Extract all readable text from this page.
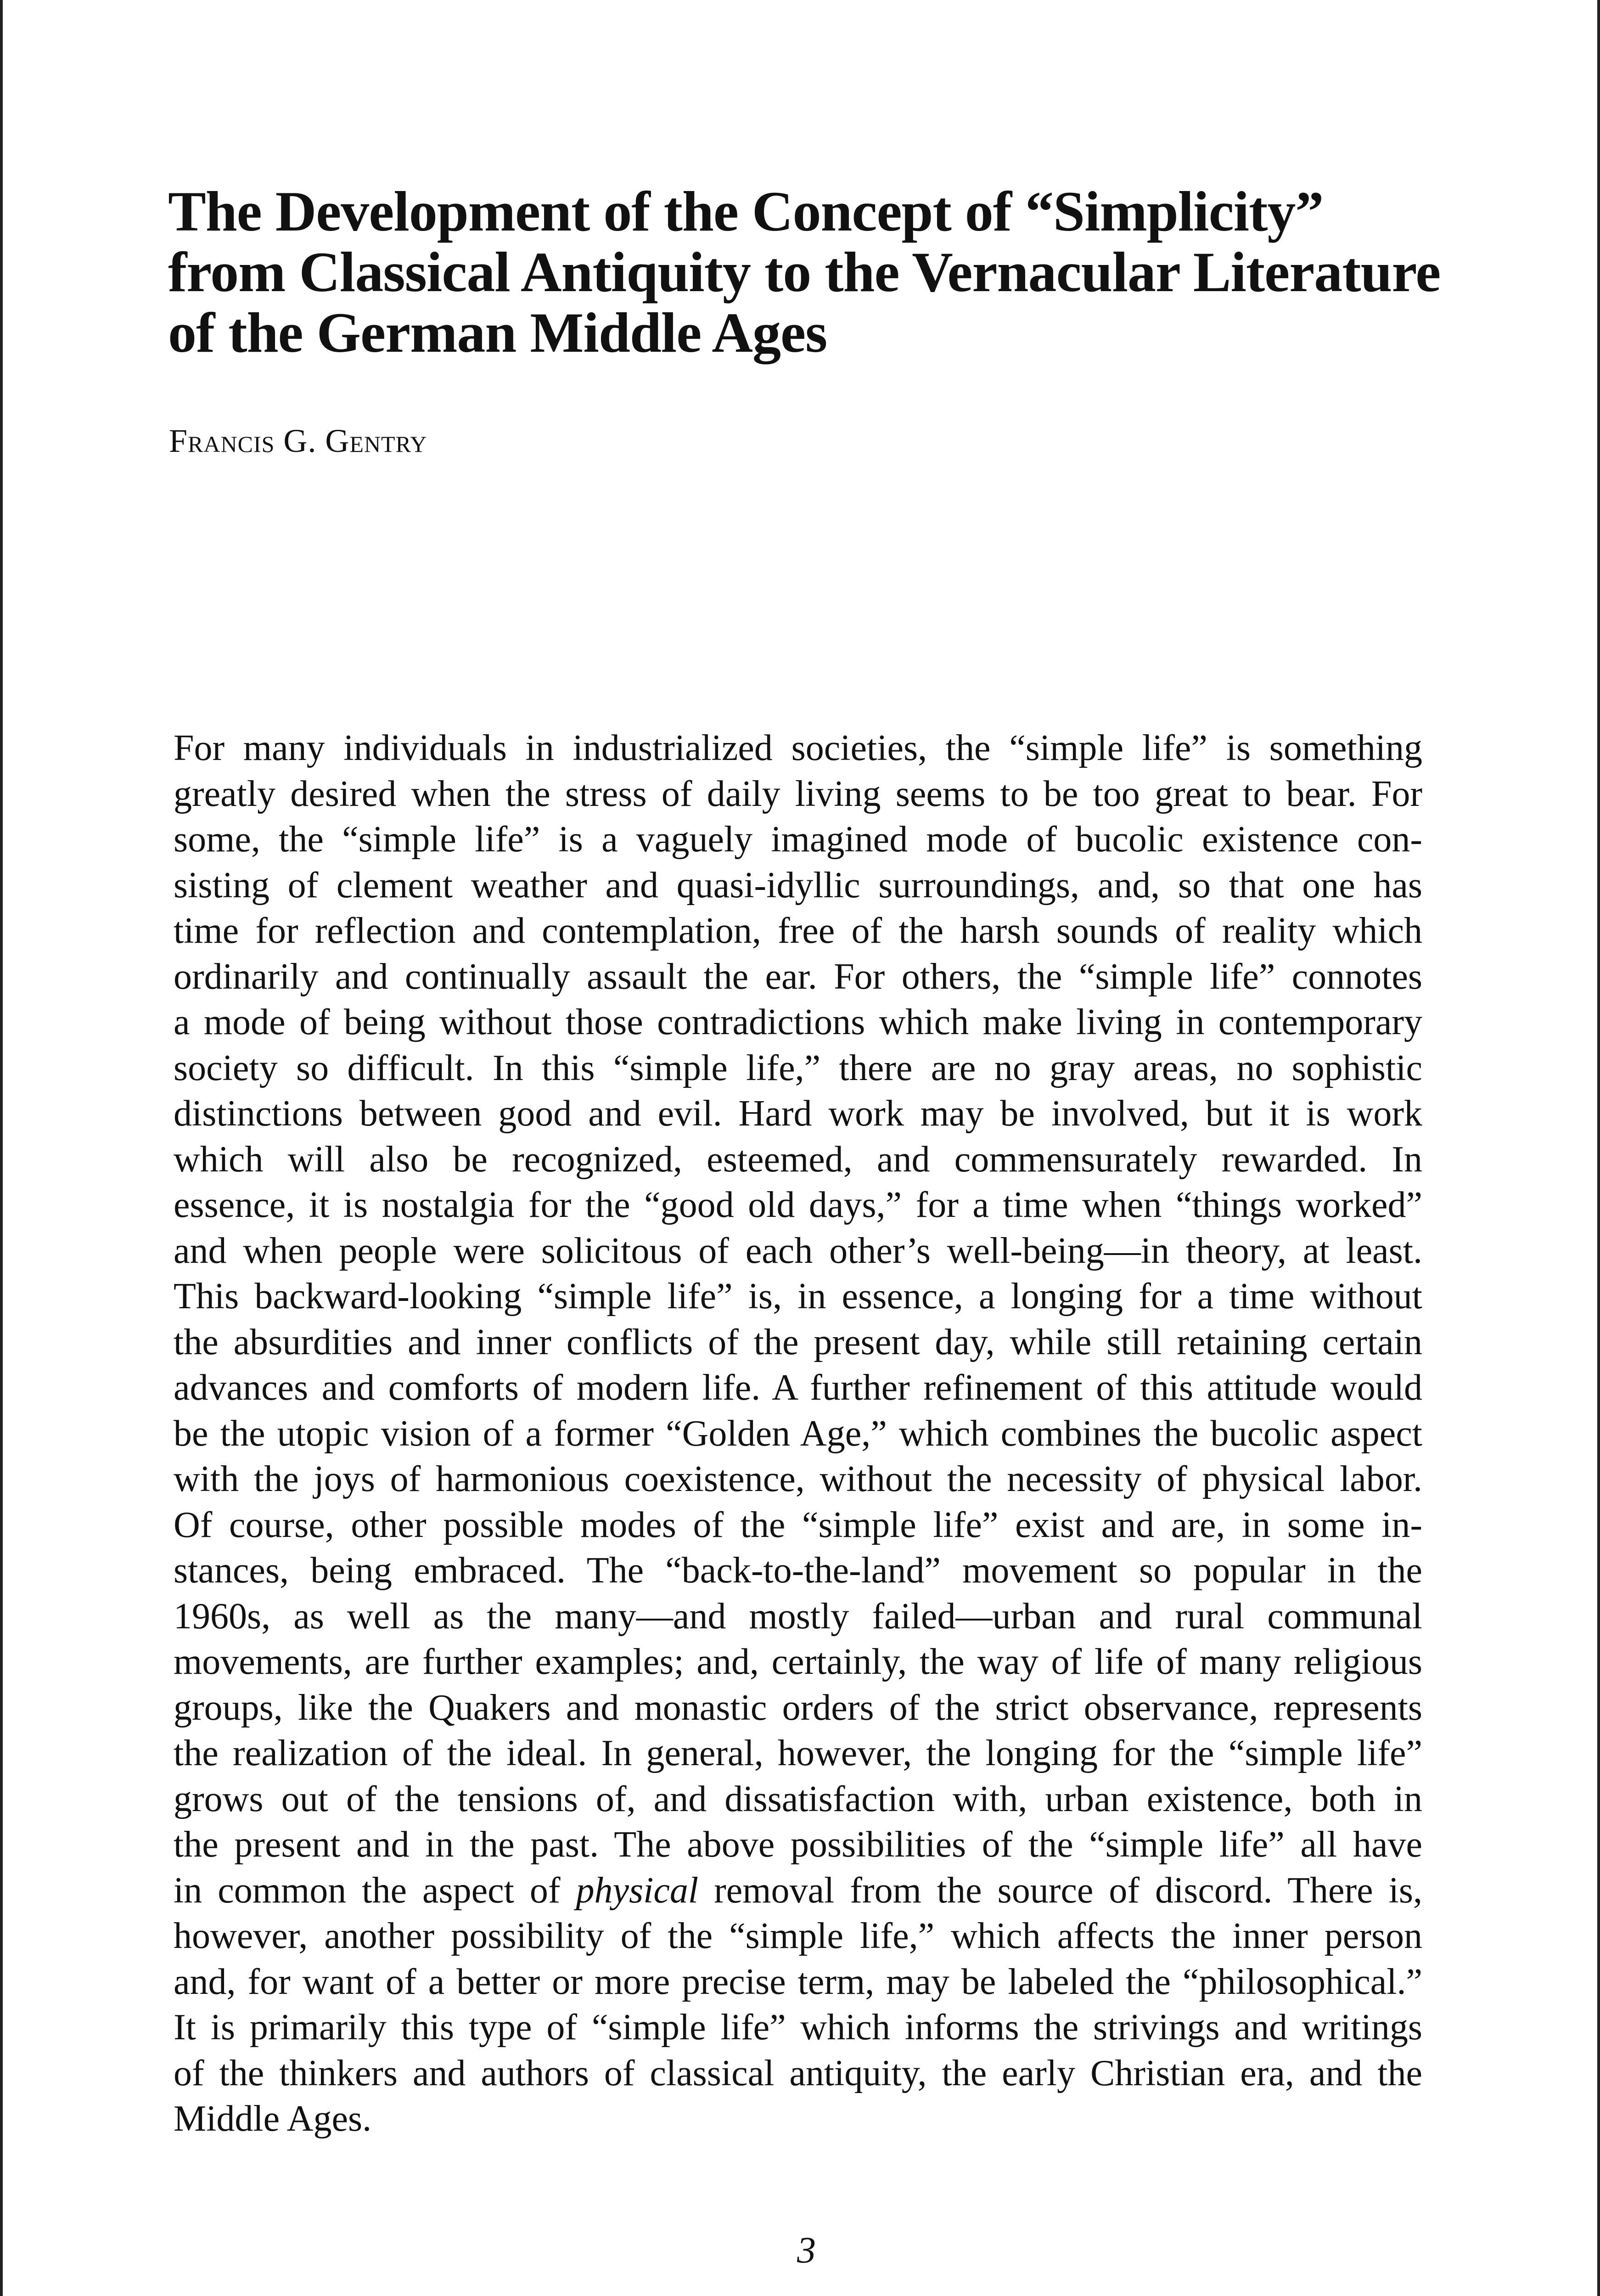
The Development of the Concept of “Simplicity”
from Classical Antiquity to the Vernacular Literature
of the German Middle Ages

Francis G. Gentry

For many individuals in industrialized societies, the “simple life” is something
greatly desired when the stress of daily living seems to be too great to bear. For
some, the “simple life” is a vaguely imagined mode of bucolic existence con-
sisting of clement weather and quasi-idyllic surroundings, and, so that one has
time for reflection and contemplation, free of the harsh sounds of reality which
ordinarily and continually assault the ear. For others, the “simple life” connotes
a mode of being without those contradictions which make living in contemporary
society so difficult. In this “simple life,” there are no gray areas, no sophistic
distinctions between good and evil. Hard work may be involved, but it is work
which will also be recognized, esteemed, and commensurately rewarded. In
essence, it is nostalgia for the “good old days,” for a time when “things worked”
and when people were solicitous of each other’s well-being—in theory, at least.
This backward-looking “simple life” is, in essence, a longing for a time without
the absurdities and inner conflicts of the present day, while still retaining certain
advances and comforts of modern life. A further refinement of this attitude would
be the utopic vision of a former “Golden Age,” which combines the bucolic aspect
with the joys of harmonious coexistence, without the necessity of physical labor.
Of course, other possible modes of the “simple life” exist and are, in some in-
stances, being embraced. The “back-to-the-land” movement so popular in the
1960s, as well as the many—and mostly failed—urban and rural communal
movements, are further examples; and, certainly, the way of life of many religious
groups, like the Quakers and monastic orders of the strict observance, represents
the realization of the ideal. In general, however, the longing for the “simple life”
grows out of the tensions of, and dissatisfaction with, urban existence, both in
the present and in the past. The above possibilities of the “simple life” all have
in common the aspect of physical removal from the source of discord. There is,
however, another possibility of the “simple life,” which affects the inner person
and, for want of a better or more precise term, may be labeled the “philosophical.”
It is primarily this type of “simple life” which informs the strivings and writings
of the thinkers and authors of classical antiquity, the early Christian era, and the
Middle Ages.
3
